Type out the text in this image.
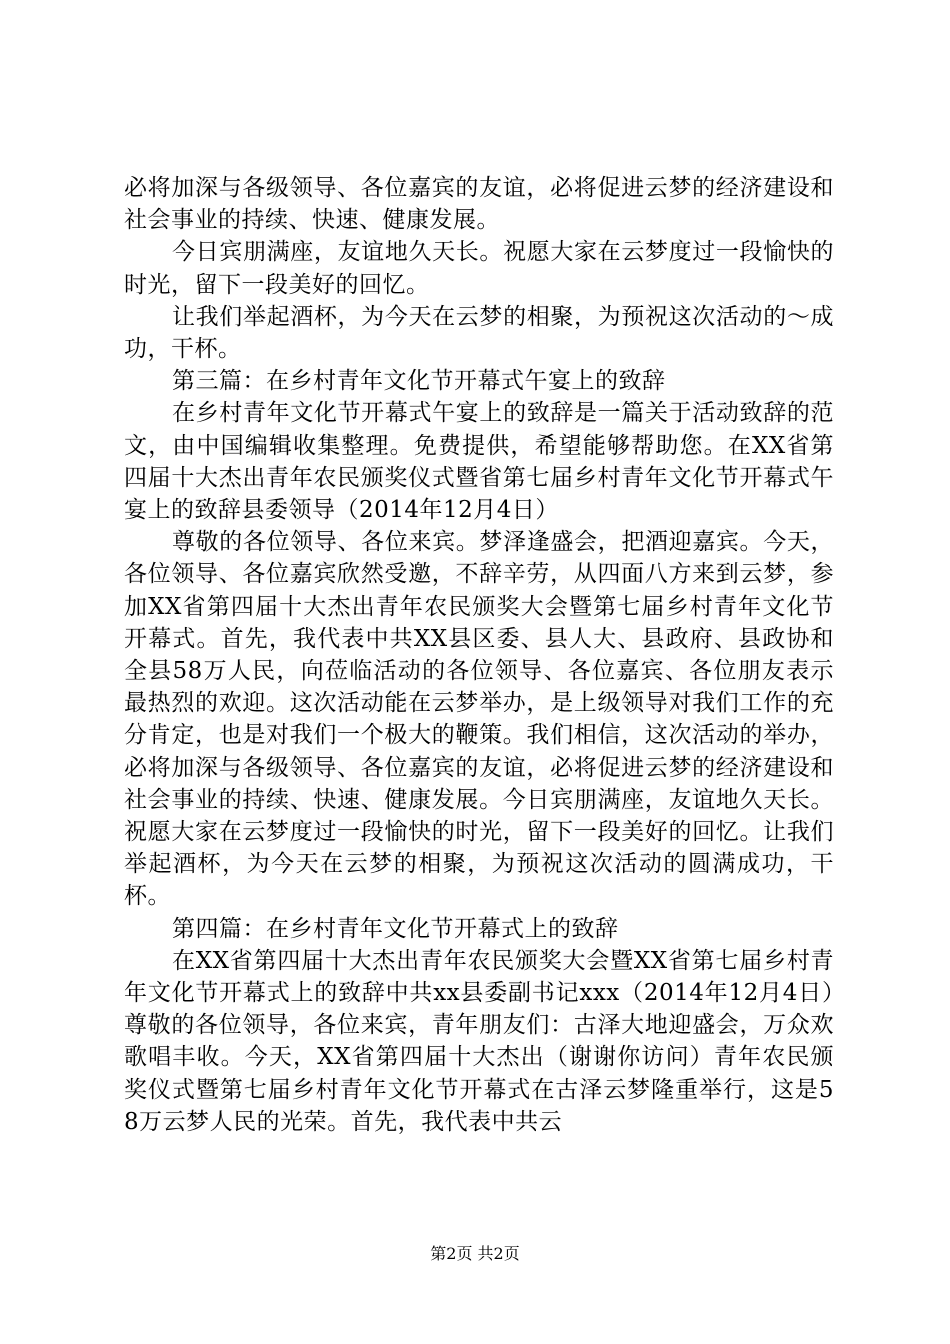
必将加深与各级领导、各位嘉宾的友谊，必将促进云梦的经济建设和社会事业的持续、快速、健康发展。

今日宾朋满座，友谊地久天长。祝愿大家在云梦度过一段愉快的时光，留下一段美好的回忆。

让我们举起酒杯，为今天在云梦的相聚，为预祝这次活动的～成功，干杯。

第三篇：在乡村青年文化节开幕式午宴上的致辞

在乡村青年文化节开幕式午宴上的致辞是一篇关于活动致辞的范文，由中国编辑收集整理。免费提供，希望能够帮助您。在XX省第四届十大杰出青年农民颁奖仪式暨省第七届乡村青年文化节开幕式午宴上的致辞县委领导（2014年12月4日）

尊敬的各位领导、各位来宾。梦泽逢盛会，把酒迎嘉宾。今天，各位领导、各位嘉宾欣然受邀，不辞辛劳，从四面八方来到云梦，参加XX省第四届十大杰出青年农民颁奖大会暨第七届乡村青年文化节开幕式。首先，我代表中共XX县区委、县人大、县政府、县政协和全县58万人民，向莅临活动的各位领导、各位嘉宾、各位朋友表示最热烈的欢迎。这次活动能在云梦举办，是上级领导对我们工作的充分肯定，也是对我们一个极大的鞭策。我们相信，这次活动的举办，必将加深与各级领导、各位嘉宾的友谊，必将促进云梦的经济建设和社会事业的持续、快速、健康发展。今日宾朋满座，友谊地久天长。祝愿大家在云梦度过一段愉快的时光，留下一段美好的回忆。让我们举起酒杯，为今天在云梦的相聚，为预祝这次活动的圆满成功，干杯。

第四篇：在乡村青年文化节开幕式上的致辞

在XX省第四届十大杰出青年农民颁奖大会暨XX省第七届乡村青年文化节开幕式上的致辞中共xx县委副书记xxx（2014年12月4日）尊敬的各位领导，各位来宾，青年朋友们：古泽大地迎盛会，万众欢歌唱丰收。今天，XX省第四届十大杰出（谢谢你访问）青年农民颁奖仪式暨第七届乡村青年文化节开幕式在古泽云梦隆重举行，这是58万云梦人民的光荣。首先，我代表中共云

第2页 共2页
